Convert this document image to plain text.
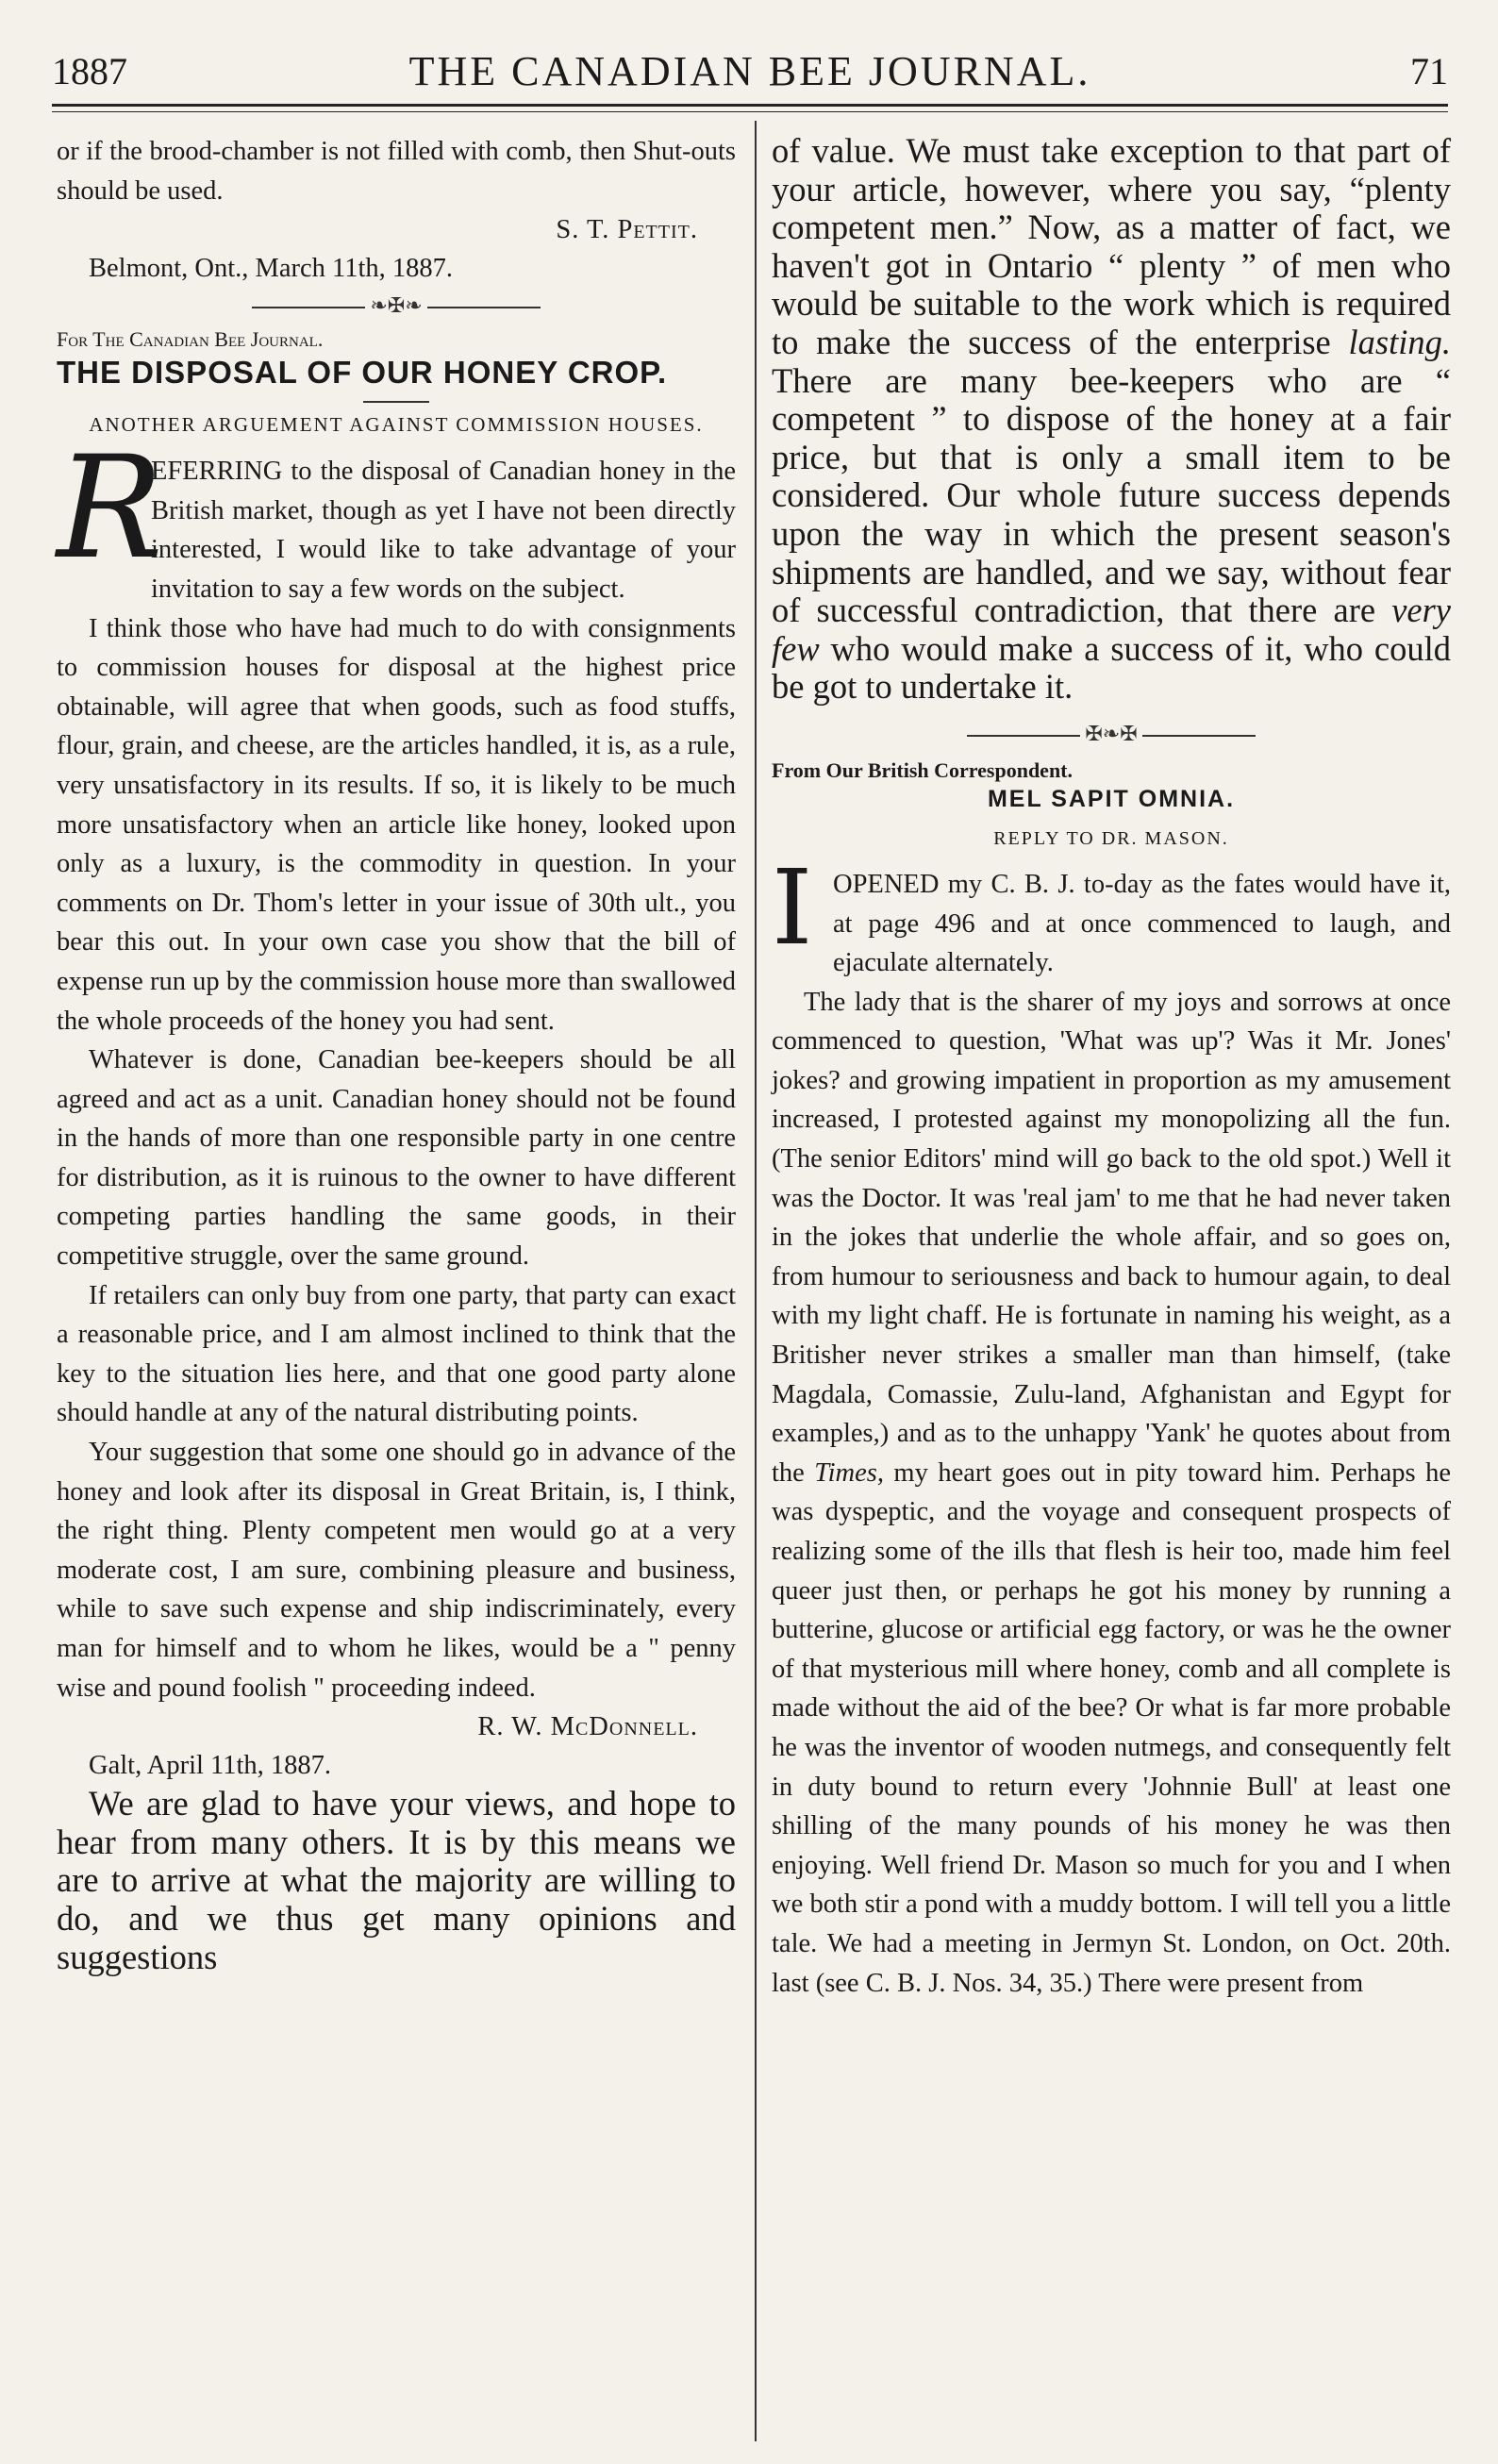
1887	THE CANADIAN BEE JOURNAL.	71

or if the brood-chamber is not filled with comb, then Shut-outs should be used.

S. T. Pettit.
Belmont, Ont., March 11th, 1887.
❧✠❧
For The Canadian Bee Journal.
THE DISPOSAL OF OUR HONEY CROP.
ANOTHER ARGUEMENT AGAINST COMMISSION HOUSES.
R

EFERRING to the disposal of Canadian honey in the British market, though as yet I have not been directly interested, I would like to take advantage of your invitation to say a few words on the subject.

I think those who have had much to do with consignments to commission houses for disposal at the highest price obtainable, will agree that when goods, such as food stuffs, flour, grain, and cheese, are the articles handled, it is, as a rule, very unsatisfactory in its results. If so, it is likely to be much more unsatisfactory when an article like honey, looked upon only as a luxury, is the commodity in question. In your comments on Dr. Thom's letter in your issue of 30th ult., you bear this out. In your own case you show that the bill of expense run up by the commission house more than swallowed the whole proceeds of the honey you had sent.

Whatever is done, Canadian bee-keepers should be all agreed and act as a unit. Canadian honey should not be found in the hands of more than one responsible party in one centre for distribution, as it is ruinous to the owner to have different competing parties handling the same goods, in their competitive struggle, over the same ground.

If retailers can only buy from one party, that party can exact a reasonable price, and I am almost inclined to think that the key to the situation lies here, and that one good party alone should handle at any of the natural distributing points.

Your suggestion that some one should go in advance of the honey and look after its disposal in Great Britain, is, I think, the right thing. Plenty competent men would go at a very moderate cost, I am sure, combining pleasure and business, while to save such expense and ship indiscriminately, every man for himself and to whom he likes, would be a " penny wise and pound foolish " proceeding indeed.

R. W. McDonnell.
Galt, April 11th, 1887.

We are glad to have your views, and hope to hear from many others. It is by this means we are to arrive at what the majority are willing to do, and we thus get many opinions and suggestions

of value. We must take exception to that part of your article, however, where you say, “plenty competent men.” Now, as a matter of fact, we haven't got in Ontario “ plenty ” of men who would be suitable to the work which is required to make the success of the enterprise lasting. There are many bee-keepers who are “ competent ” to dispose of the honey at a fair price, but that is only a small item to be considered. Our whole future success depends upon the way in which the present season's shipments are handled, and we say, without fear of successful contradiction, that there are very few who would make a success of it, who could be got to undertake it.

✠❧✠
From Our British Correspondent.
MEL SAPIT OMNIA.
REPLY TO DR. MASON.
I OPENED my C. B. J. to-day as the fates would have it, at page 496 and at once commenced to laugh, and ejaculate alternately.

The lady that is the sharer of my joys and sorrows at once commenced to question, 'What was up'? Was it Mr. Jones' jokes? and growing impatient in proportion as my amusement increased, I protested against my monopolizing all the fun. (The senior Editors' mind will go back to the old spot.) Well it was the Doctor. It was 'real jam' to me that he had never taken in the jokes that underlie the whole affair, and so goes on, from humour to seriousness and back to humour again, to deal with my light chaff. He is fortunate in naming his weight, as a Britisher never strikes a smaller man than himself, (take Magdala, Comassie, Zulu-land, Afghanistan and Egypt for examples,) and as to the unhappy 'Yank' he quotes about from the Times, my heart goes out in pity toward him. Perhaps he was dyspeptic, and the voyage and consequent prospects of realizing some of the ills that flesh is heir too, made him feel queer just then, or perhaps he got his money by running a butterine, glucose or artificial egg factory, or was he the owner of that mysterious mill where honey, comb and all complete is made without the aid of the bee? Or what is far more probable he was the inventor of wooden nutmegs, and consequently felt in duty bound to return every 'Johnnie Bull' at least one shilling of the many pounds of his money he was then enjoying. Well friend Dr. Mason so much for you and I when we both stir a pond with a muddy bottom. I will tell you a little tale. We had a meeting in Jermyn St. London, on Oct. 20th. last (see C. B. J. Nos. 34, 35.) There were present from
